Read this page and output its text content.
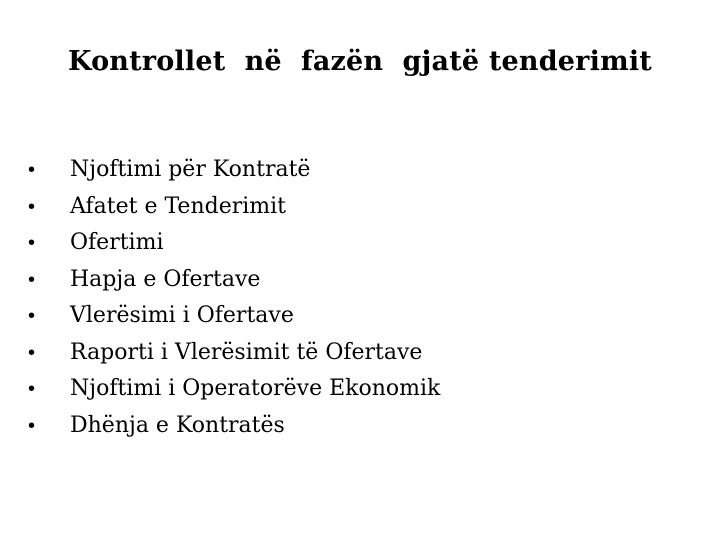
Kontrollet  në  fazën  gjatë tenderimit
•	Njoftimi për Kontratë
•	Afatet e Tenderimit
•	Ofertimi
•	Hapja e Ofertave
•	Vlerësimi i Ofertave
•	Raporti i Vlerësimit të Ofertave
•	Njoftimi i Operatorëve Ekonomik
•	Dhënja e Kontratës
